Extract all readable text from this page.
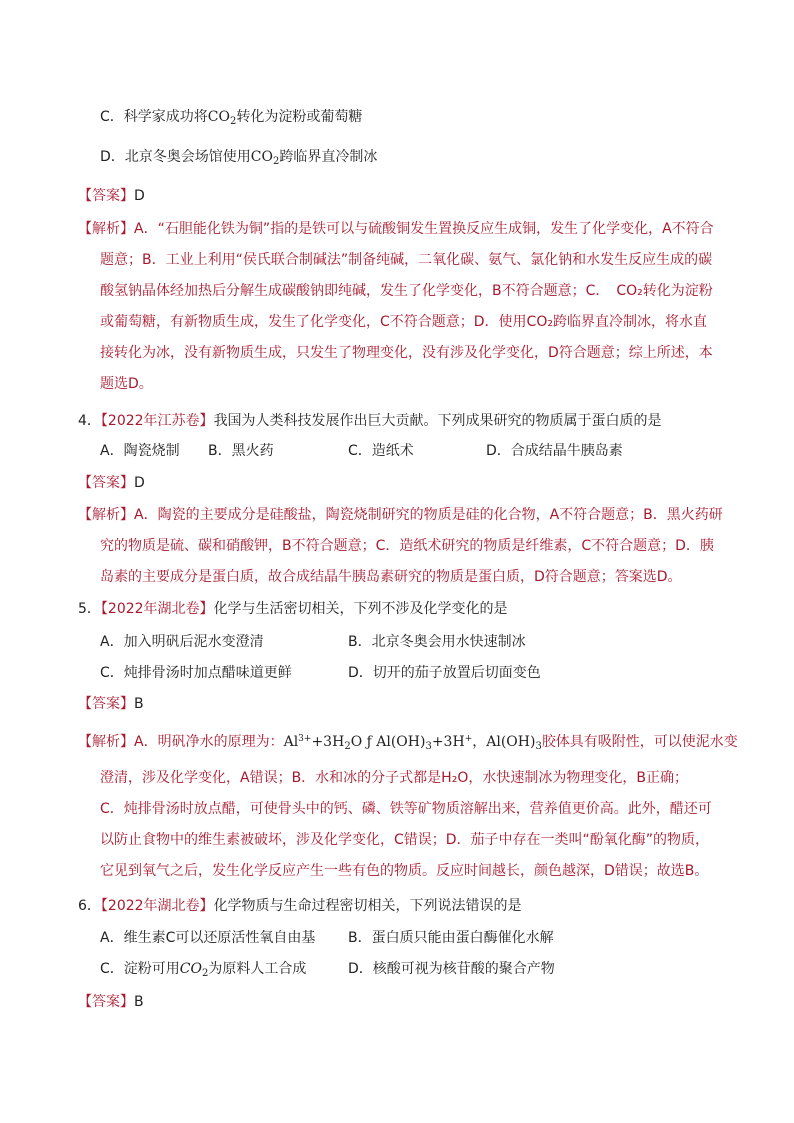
C．科学家成功将$CO_2$转化为淀粉或葡萄糖

D．北京冬奥会场馆使用$CO_2$跨临界直冷制冰

【答案】D

【解析】A．“石胆能化铁为铜”指的是铁可以与硫酸铜发生置换反应生成铜，发生了化学变化，A不符合

题意；B．工业上利用“侯氏联合制碱法”制备纯碱，二氧化碳、氨气、氯化钠和水发生反应生成的碳

酸氢钠晶体经加热后分解生成碳酸钠即纯碱，发生了化学变化，B不符合题意；C．　CO₂转化为淀粉

或葡萄糖，有新物质生成，发生了化学变化，C不符合题意；D．使用CO₂跨临界直冷制冰，将水直

接转化为冰，没有新物质生成，只发生了物理变化，没有涉及化学变化，D符合题意；综上所述，本

题选D。

4．【2022年江苏卷】我国为人类科技发展作出巨大贡献。下列成果研究的物质属于蛋白质的是

A．陶瓷烧制 B．黑火药	C．造纸术	D．合成结晶牛胰岛素

【答案】D

【解析】A．陶瓷的主要成分是硅酸盐，陶瓷烧制研究的物质是硅的化合物，A不符合题意；B．黑火药研

究的物质是硫、碳和硝酸钾，B不符合题意；C．造纸术研究的物质是纤维素，C不符合题意；D．胰

岛素的主要成分是蛋白质，故合成结晶牛胰岛素研究的物质是蛋白质，D符合题意；答案选D。

5．【2022年湖北卷】化学与生活密切相关，下列不涉及化学变化的是

A．加入明矾后泥水变澄清	B．北京冬奥会用水快速制冰
C．炖排骨汤时加点醋味道更鲜	D．切开的茄子放置后切面变色

【答案】B

【解析】A．明矾净水的原理为：$Al^{3+}+3H_2O$ ƒ $Al(OH)_3+3H^+$，$Al(OH)_3$胶体具有吸附性，可以使泥水变

澄清，涉及化学变化，A错误；B．水和冰的分子式都是H₂O，水快速制冰为物理变化，B正确；

C．炖排骨汤时放点醋，可使骨头中的钙、磷、铁等矿物质溶解出来，营养值更价高。此外，醋还可

以防止食物中的维生素被破坏，涉及化学变化，C错误；D．茄子中存在一类叫“酚氧化酶”的物质，

它见到氧气之后，发生化学反应产生一些有色的物质。反应时间越长，颜色越深，D错误；故选B。

6．【2022年湖北卷】化学物质与生命过程密切相关，下列说法错误的是

A．维生素C可以还原活性氧自由基 B．蛋白质只能由蛋白酶催化水解
C．淀粉可用$CO_2$为原料人工合成	D．核酸可视为核苷酸的聚合产物

【答案】B
